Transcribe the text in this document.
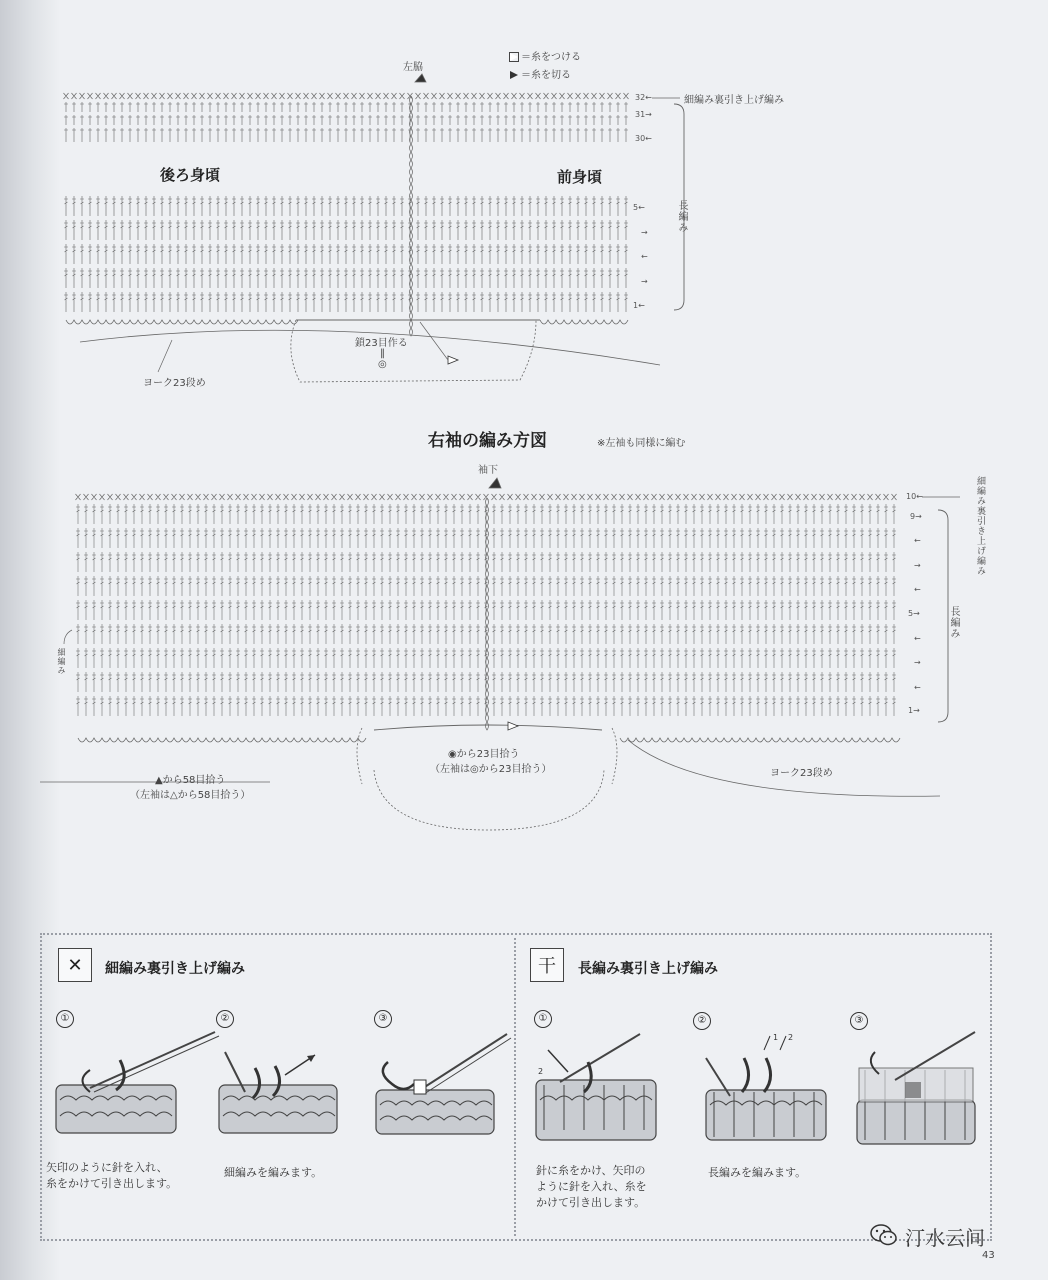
＝糸をつける
＝糸を切る
左脇
後ろ身頃	前身頃
細編み裏引き上げ編み
長編み
鎖23目作る
‖
◎
ヨーク23段め
32←
31→
30←
5←
→
←
→
1←
右袖の編み方図	※左袖も同様に編む
袖下
細編み裏引き上げ編み
長編み
細編み
◉から23目拾う
（左袖は◎から23目拾う）
▲から58目拾う
（左袖は△から58目拾う）
ヨーク23段め
10←
9→
←
→
←
5→
←
→
←
1→
✕	細編み裏引き上げ編み
①	②	③
矢印のように針を入れ、
糸をかけて引き出します。
細編みを編みます。
干	長編み裏引き上げ編み
①	②	③
2
1 2
針に糸をかけ、矢印の
ように針を入れ、糸を
かけて引き出します。
長編みを編みます。
汀水云间
43
